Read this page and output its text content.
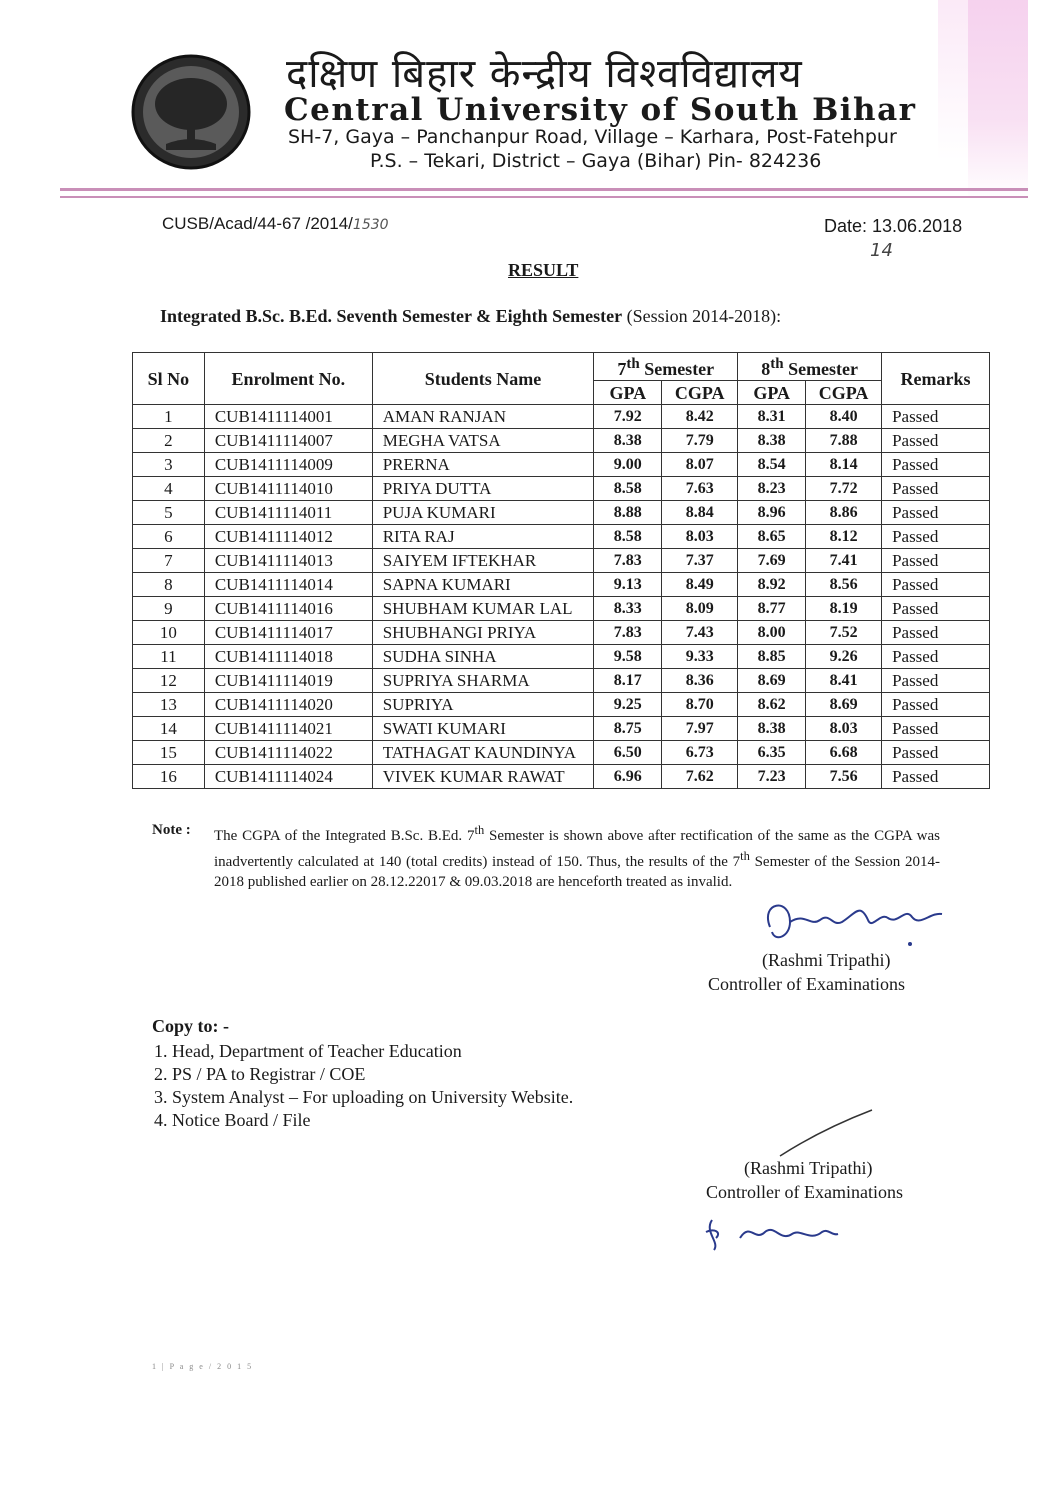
दक्षिण बिहार केन्द्रीय विश्वविद्यालय
Central University of South Bihar
SH-7, Gaya – Panchanpur Road, Village – Karhara, Post-Fatehpur
P.S. – Tekari, District – Gaya (Bihar) Pin- 824236
CUSB/Acad/44-67 /2014/1530	Date: 13.06.2018
14
RESULT
Integrated B.Sc. B.Ed. Seventh Semester & Eighth Semester (Session 2014-2018):
Sl No	Enrolment No.	Students Name	7th Semester		8th Semester		Remarks
			GPA	CGPA	GPA	CGPA	
1	CUB1411114001	AMAN RANJAN	7.92	8.42	8.31	8.40	Passed
2	CUB1411114007	MEGHA VATSA	8.38	7.79	8.38	7.88	Passed
3	CUB1411114009	PRERNA	9.00	8.07	8.54	8.14	Passed
4	CUB1411114010	PRIYA DUTTA	8.58	7.63	8.23	7.72	Passed
5	CUB1411114011	PUJA KUMARI	8.88	8.84	8.96	8.86	Passed
6	CUB1411114012	RITA RAJ	8.58	8.03	8.65	8.12	Passed
7	CUB1411114013	SAIYEM IFTEKHAR	7.83	7.37	7.69	7.41	Passed
8	CUB1411114014	SAPNA KUMARI	9.13	8.49	8.92	8.56	Passed
9	CUB1411114016	SHUBHAM KUMAR LAL	8.33	8.09	8.77	8.19	Passed
10	CUB1411114017	SHUBHANGI PRIYA	7.83	7.43	8.00	7.52	Passed
11	CUB1411114018	SUDHA SINHA	9.58	9.33	8.85	9.26	Passed
12	CUB1411114019	SUPRIYA SHARMA	8.17	8.36	8.69	8.41	Passed
13	CUB1411114020	SUPRIYA	9.25	8.70	8.62	8.69	Passed
14	CUB1411114021	SWATI KUMARI	8.75	7.97	8.38	8.03	Passed
15	CUB1411114022	TATHAGAT KAUNDINYA	6.50	6.73	6.35	6.68	Passed
16	CUB1411114024	VIVEK KUMAR RAWAT	6.96	7.62	7.23	7.56	Passed
Note : The CGPA of the Integrated B.Sc. B.Ed. 7th Semester is shown above after rectification of the same as the CGPA was inadvertently calculated at 140 (total credits) instead of 150. Thus, the results of the 7th Semester of the Session 2014-2018 published earlier on 28.12.22017 & 09.03.2018 are henceforth treated as invalid.
(Rashmi Tripathi)
Controller of Examinations
Copy to: -
1. Head, Department of Teacher Education
2. PS / PA to Registrar / COE
3. System Analyst – For uploading on University Website.
4. Notice Board / File
(Rashmi Tripathi)
Controller of Examinations
1 | P a g e / 2 0 1 5
